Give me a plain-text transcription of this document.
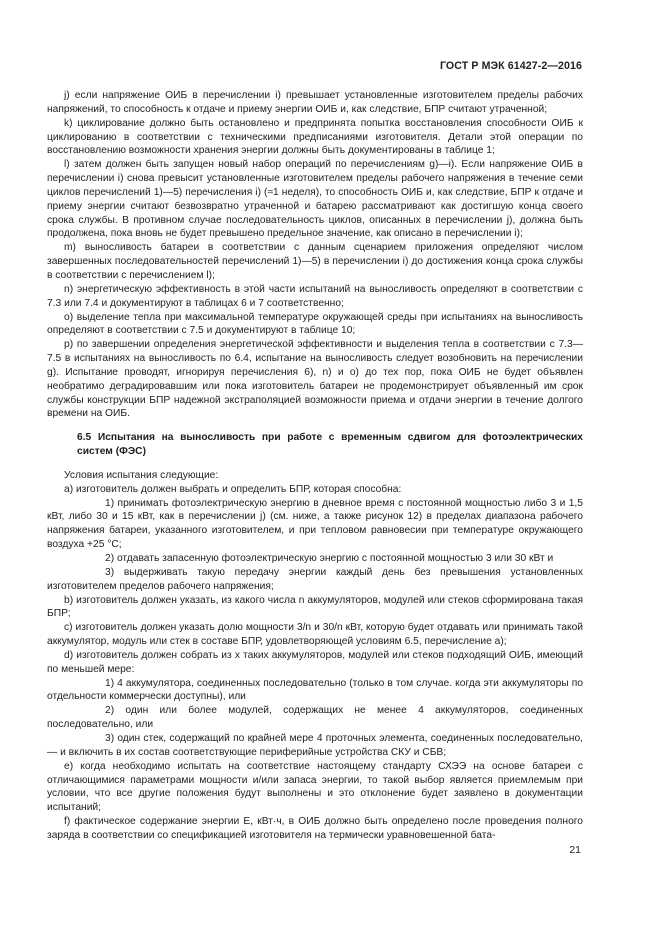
ГОСТ Р МЭК 61427-2—2016

j) если напряжение ОИБ в перечислении i) превышает установленные изготовителем пределы рабочих напряжений, то способность к отдаче и приему энергии ОИБ и, как следствие, БПР считают утраченной;

k) циклирование должно быть остановлено и предпринята попытка восстановления способности ОИБ к циклированию в соответствии с техническими предписаниями изготовителя. Детали этой операции по восстановлению возможности хранения энергии должны быть документированы в таблице 1;

l) затем должен быть запущен новый набор операций по перечислениям g)—i). Если напряжение ОИБ в перечислении i) снова превысит установленные изготовителем пределы рабочего напряжения в течение семи циклов перечислений 1)—5) перечисления i) (≈1 неделя), то способность ОИБ и, как следствие, БПР к отдаче и приему энергии считают безвозвратно утраченной и батарею рассматривают как достигшую конца своего срока службы. В противном случае последовательность циклов, описанных в перечислении j), должна быть продолжена, пока вновь не будет превышено предельное значение, как описано в перечислении i);

m) выносливость батареи в соответствии с данным сценарием приложения определяют числом завершенных последовательностей перечислений 1)—5) в перечислении i) до достижения конца срока службы в соответствии с перечислением l);

n) энергетическую эффективность в этой части испытаний на выносливость определяют в соответствии с 7.3 или 7.4 и документируют в таблицах 6 и 7 соответственно;

o) выделение тепла при максимальной температуре окружающей среды при испытаниях на выносливость определяют в соответствии с 7.5 и документируют в таблице 10;

p) по завершении определения энергетической эффективности и выделения тепла в соответствии с 7.3—7.5 в испытаниях на выносливость по 6.4, испытание на выносливость следует возобновить на перечислении g). Испытание проводят, игнорируя перечисления 6), n) и о) до тех пор, пока ОИБ не будет объявлен необратимо деградировавшим или пока изготовитель батареи не продемонстрирует объявленный им срок службы конструкции БПР надежной экстраполяцией возможности приема и отдачи энергии в течение долгого времени на ОИБ.

6.5 Испытания на выносливость при работе с временным сдвигом для фотоэлектрических систем (ФЭС)

Условия испытания следующие:

a) изготовитель должен выбрать и определить БПР, которая способна:

1) принимать фотоэлектрическую энергию в дневное время с постоянной мощностью либо 3 и 1,5 кВт, либо 30 и 15 кВт, как в перечислении j) (см. ниже, а также рисунок 12) в пределах диапазона рабочего напряжения батареи, указанного изготовителем, и при тепловом равновесии при температуре окружающего воздуха +25 °С;

2) отдавать запасенную фотоэлектрическую энергию с постоянной мощностью 3 или 30 кВт и

3) выдерживать такую передачу энергии каждый день без превышения установленных изготовителем пределов рабочего напряжения;

b) изготовитель должен указать, из какого числа n аккумуляторов, модулей или стеков сформирована такая БПР;

c) изготовитель должен указать долю мощности 3/n и 30/n кВт, которую будет отдавать или принимать такой аккумулятор, модуль или стек в составе БПР, удовлетворяющей условиям 6.5, перечисление a);

d) изготовитель должен собрать из x таких аккумуляторов, модулей или стеков подходящий ОИБ, имеющий по меньшей мере:

1) 4 аккумулятора, соединенных последовательно (только в том случае. когда эти аккумуляторы по отдельности коммерчески доступны), или

2) один или более модулей, содержащих не менее 4 аккумуляторов, соединенных последовательно, или

3) один стек, содержащий по крайней мере 4 проточных элемента, соединенных последовательно, — и включить в их состав соответствующие периферийные устройства СКУ и СБВ;

e) когда необходимо испытать на соответствие настоящему стандарту СХЭЭ на основе батареи с отличающимися параметрами мощности и/или запаса энергии, то такой выбор является приемлемым при условии, что все другие положения будут выполнены и это отклонение будет заявлено в документации испытаний;

f) фактическое содержание энергии E, кВт·ч, в ОИБ должно быть определено после проведения полного заряда в соответствии со спецификацией изготовителя на термически уравновешенной бата-

21
